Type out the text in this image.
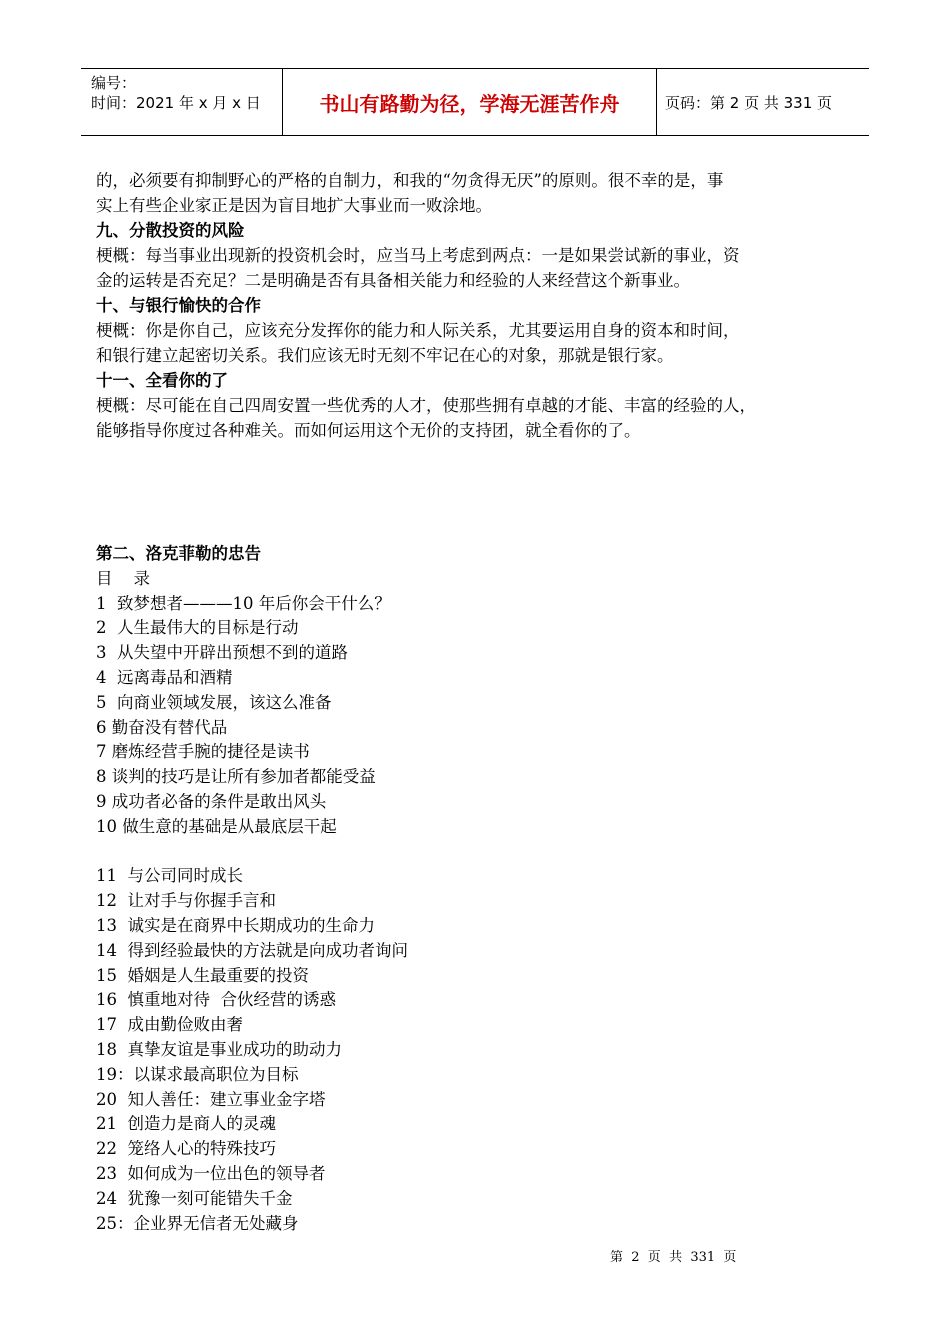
编号：
时间：2021 年 x 月 x 日	书山有路勤为径，学海无涯苦作舟	页码：第 2 页 共 331 页

的，必须要有抑制野心的严格的自制力，和我的“勿贪得无厌”的原则。很不幸的是，事

实上有些企业家正是因为盲目地扩大事业而一败涂地。

九、分散投资的风险

梗概：每当事业出现新的投资机会时，应当马上考虑到两点：一是如果尝试新的事业，资

金的运转是否充足？二是明确是否有具备相关能力和经验的人来经营这个新事业。

十、与银行愉快的合作

梗概：你是你自己，应该充分发挥你的能力和人际关系，尤其要运用自身的资本和时间，

和银行建立起密切关系。我们应该无时无刻不牢记在心的对象，那就是银行家。

十一、全看你的了

梗概：尽可能在自己四周安置一些优秀的人才，使那些拥有卓越的才能、丰富的经验的人，

能够指导你度过各种难关。而如何运用这个无价的支持团，就全看你的了。

第二、洛克菲勒的忠告

目    录

1  致梦想者———10 年后你会干什么？

2  人生最伟大的目标是行动

3  从失望中开辟出预想不到的道路

4  远离毒品和酒精

5  向商业领域发展，该这么准备

6 勤奋没有替代品

7 磨炼经营手腕的捷径是读书

8 谈判的技巧是让所有参加者都能受益

9 成功者必备的条件是敢出风头

10 做生意的基础是从最底层干起

11  与公司同时成长

12  让对手与你握手言和

13  诚实是在商界中长期成功的生命力

14  得到经验最快的方法就是向成功者询问

15  婚姻是人生最重要的投资

16  慎重地对待  合伙经营的诱惑

17  成由勤俭败由奢

18  真挚友谊是事业成功的助动力

19：以谋求最高职位为目标

20  知人善任：建立事业金字塔

21  创造力是商人的灵魂

22  笼络人心的特殊技巧

23  如何成为一位出色的领导者

24  犹豫一刻可能错失千金

25：企业界无信者无处藏身

第  2  页  共  331  页
